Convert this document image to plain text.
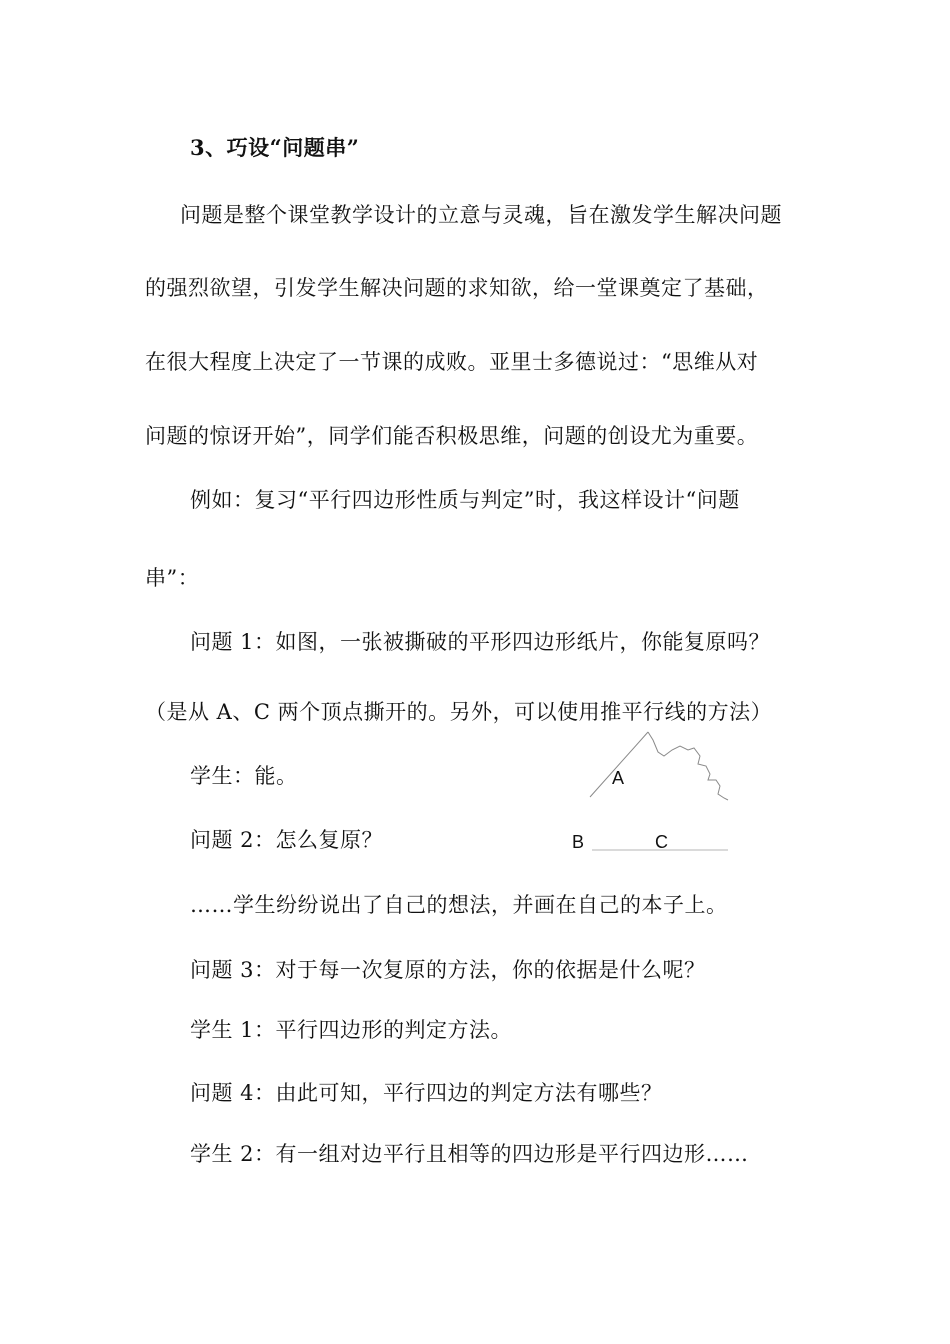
3、巧设“问题串”
问题是整个课堂教学设计的立意与灵魂，旨在激发学生解决问题
的强烈欲望，引发学生解决问题的求知欲，给一堂课奠定了基础，
在很大程度上决定了一节课的成败。亚里士多德说过：“思维从对
问题的惊讶开始”，同学们能否积极思维，问题的创设尤为重要。
例如：复习“平行四边形性质与判定”时，我这样设计“问题
串”：
问题 1：如图，一张被撕破的平形四边形纸片，你能复原吗？
（是从 A、C 两个顶点撕开的。另外，可以使用推平行线的方法）
学生：能。
问题 2：怎么复原？
……学生纷纷说出了自己的想法，并画在自己的本子上。
问题 3：对于每一次复原的方法，你的依据是什么呢？
学生 1：平行四边形的判定方法。
问题 4：由此可知，平行四边的判定方法有哪些？
学生 2：有一组对边平行且相等的四边形是平行四边形……
A
B	C
